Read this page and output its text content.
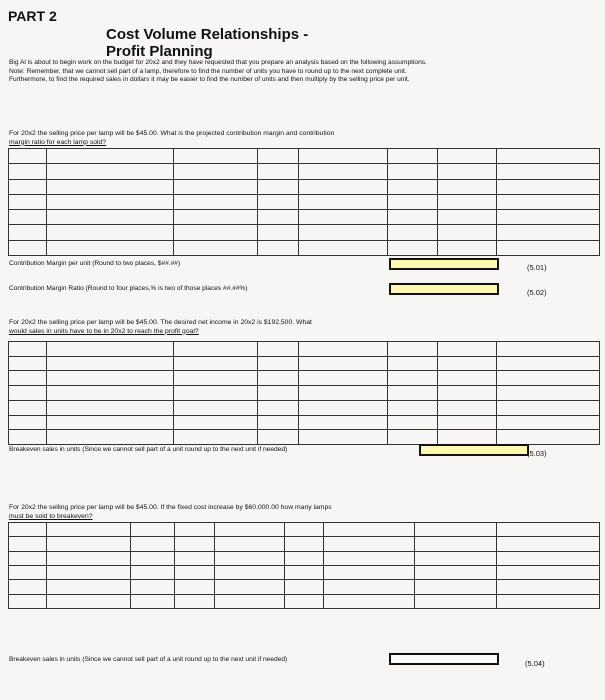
PART 2
Cost Volume Relationships -
Profit Planning
Big Al is about to begin work on the budget for 20x2 and they have requested that you prepare an analysis based on the following assumptions.
Note: Remember, that we cannot sell part of a lamp, therefore to find the number of units you have to round up to the next complete unit. Furthermore, to find the required sales in dollars it may be easier to find the number of units and then multiply by the selling price per unit.
For 20x2 the selling price per lamp will be $45.00. What is the projected contribution margin and contribution
margin ratio for each lamp sold?

Contribution Margin per unit (Round to two places, $##.##)	(5.01)
Contribution Margin Ratio (Round to four places,% is two of those places ##.##%)	(5.02)
For 20x2 the selling price per lamp will be $45.00. The desired net income in 20x2 is $192,500. What
would sales in units have to be in 20x2 to reach the profit goal?

Breakeven sales in units (Since we cannot sell part of a unit round up to the next unit if needed)	(5.03)
For 20x2 the selling price per lamp will be $45.00. If the fixed cost increase by $60,000.00 how many lamps
must be sold to breakeven?

Breakeven sales in units (Since we cannot sell part of a unit round up to the next unit if needed)	(5.04)
